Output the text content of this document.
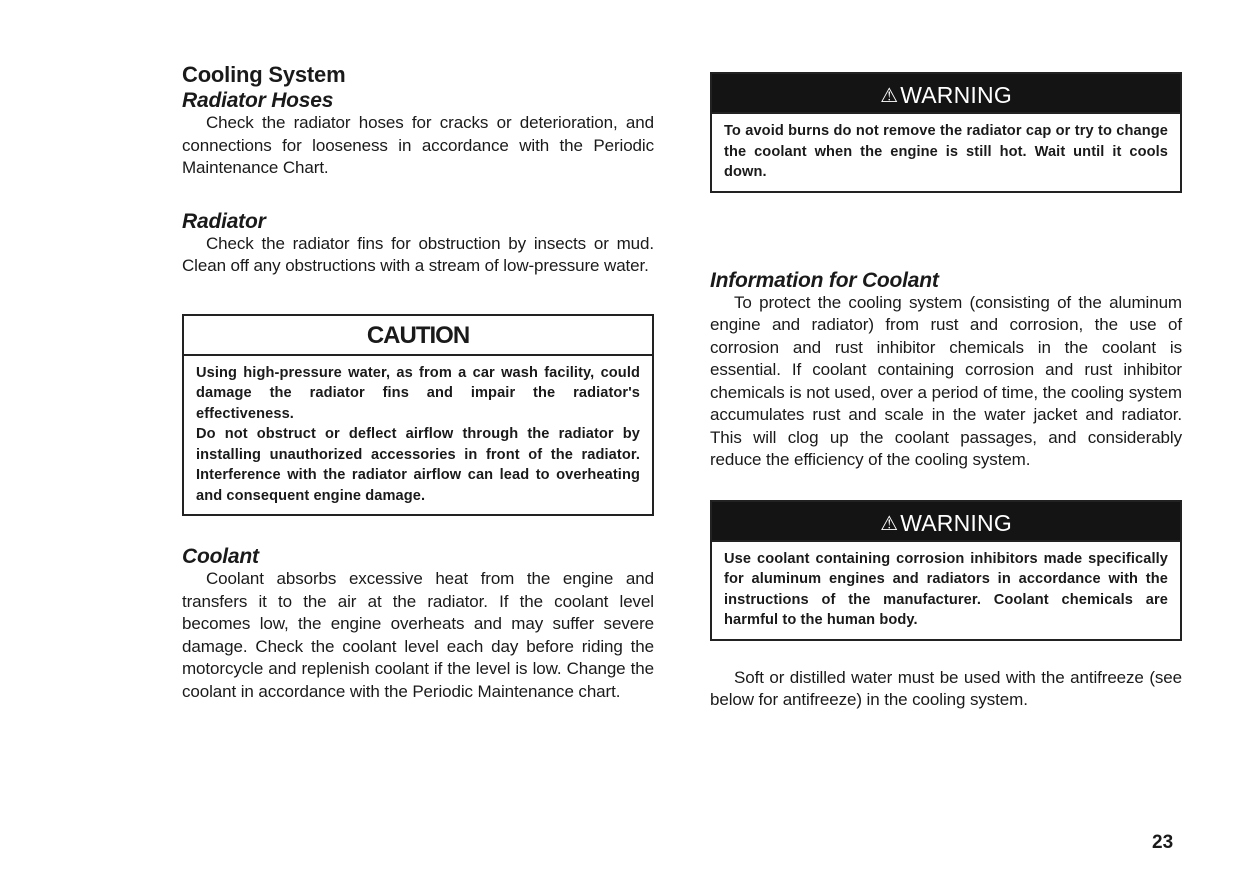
Cooling System
Radiator Hoses

Check the radiator hoses for cracks or deterioration, and connections for looseness in accordance with the Periodic Maintenance Chart.

Radiator

Check the radiator fins for obstruction by insects or mud. Clean off any obstructions with a stream of low-pressure water.

CAUTION

Using high-pressure water, as from a car wash facility, could damage the radiator fins and impair the radiator's effectiveness.

Do not obstruct or deflect airflow through the radiator by installing unauthorized accessories in front of the radiator. Interference with the radiator airflow can lead to overheating and consequent engine damage.

Coolant

Coolant absorbs excessive heat from the engine and transfers it to the air at the radiator. If the coolant level becomes low, the engine overheats and may suffer severe damage. Check the coolant level each day before riding the motorcycle and replenish coolant if the level is low. Change the coolant in accordance with the Periodic Maintenance chart.

⚠WARNING
To avoid burns do not remove the radiator cap or try to change the coolant when the engine is still hot. Wait until it cools down.
Information for Coolant

To protect the cooling system (consisting of the aluminum engine and radiator) from rust and corrosion, the use of corrosion and rust inhibitor chemicals in the coolant is essential. If coolant containing corrosion and rust inhibitor chemicals is not used, over a period of time, the cooling system accumulates rust and scale in the water jacket and radiator. This will clog up the coolant passages, and considerably reduce the efficiency of the cooling system.

⚠WARNING
Use coolant containing corrosion inhibitors made specifically for aluminum engines and radiators in accordance with the instructions of the manufacturer. Coolant chemicals are harmful to the human body.

Soft or distilled water must be used with the antifreeze (see below for antifreeze) in the cooling system.

23
